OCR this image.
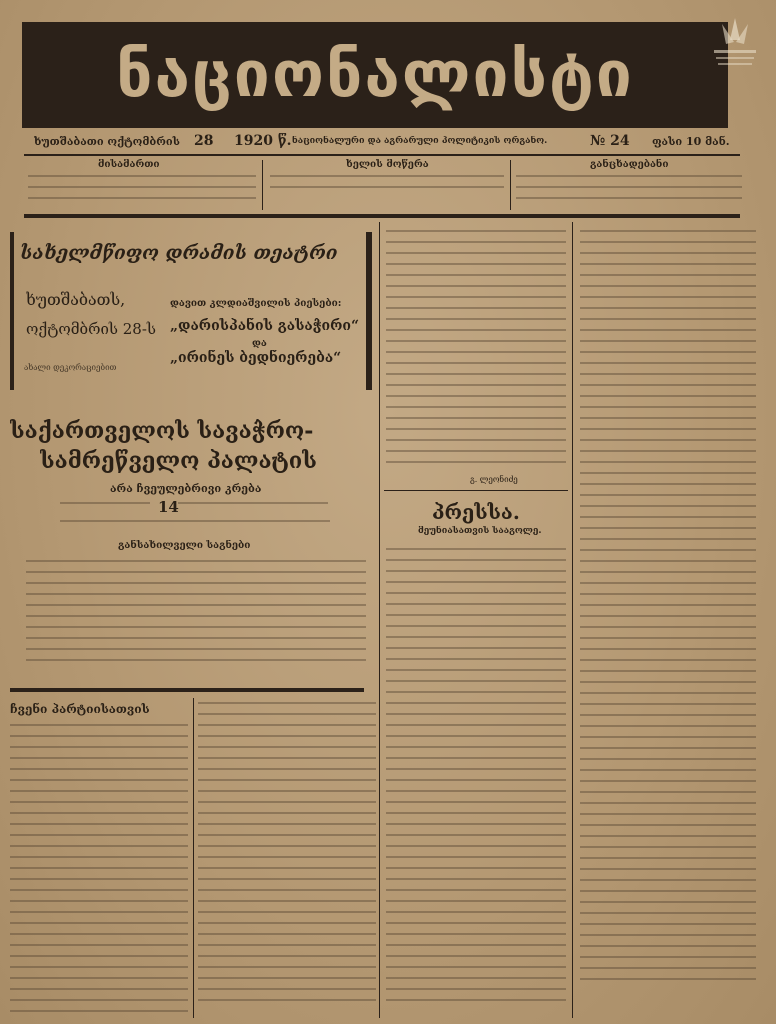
ნაციონალისტი
ხუთშაბათი ოქტომბრის	28 1920 წ. ნაციონალური და აგრარული პოლიტიკის ორგანო.	№ 24 ფასი 10 მან.
მისამართი	ხელის მოწერა	განცხადებანი
სახელმწიფო დრამის თეატრი
ხუთშაბათს,
ოქტომბრის 28-ს
ახალი დეკორაციებით
დავით კლდიაშვილის პიესები:
„დარისპანის გასაჭირი“
და
„ირინეს ბედნიერება“
საქართველოს სავაჭრო-
სამრეწველო პალატის
არა ჩვეულებრივი კრება
14
განსახილველი საგნები
ჩვენი პარტიისათვის
გ. ლეონიძე
პრესსა.
მეუნიასათვის სააგოლე.
